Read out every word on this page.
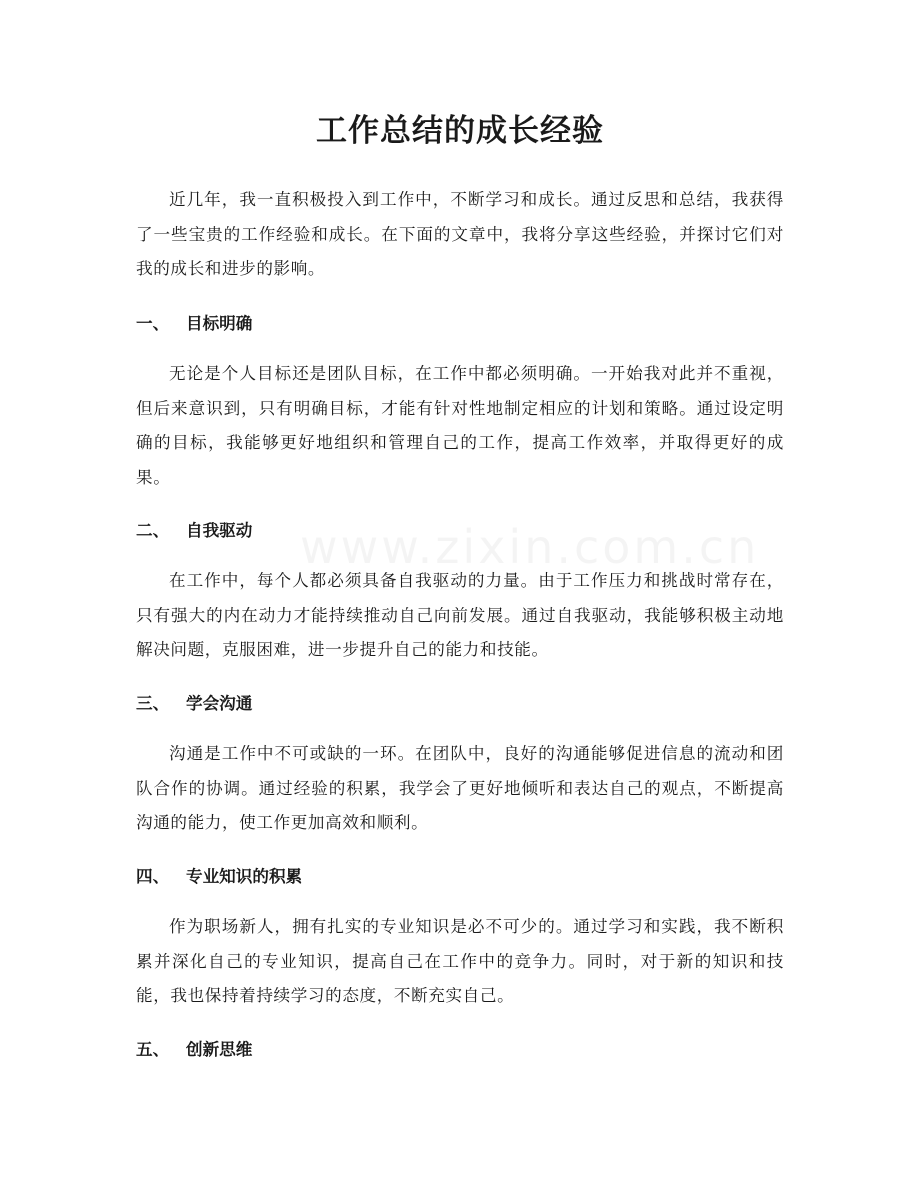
工作总结的成长经验

近几年，我一直积极投入到工作中，不断学习和成长。通过反思和总结，我获得了一些宝贵的工作经验和成长。在下面的文章中，我将分享这些经验，并探讨它们对我的成长和进步的影响。

一、 目标明确

无论是个人目标还是团队目标，在工作中都必须明确。一开始我对此并不重视，但后来意识到，只有明确目标，才能有针对性地制定相应的计划和策略。通过设定明确的目标，我能够更好地组织和管理自己的工作，提高工作效率，并取得更好的成果。

二、 自我驱动

在工作中，每个人都必须具备自我驱动的力量。由于工作压力和挑战时常存在，只有强大的内在动力才能持续推动自己向前发展。通过自我驱动，我能够积极主动地解决问题，克服困难，进一步提升自己的能力和技能。

三、 学会沟通

沟通是工作中不可或缺的一环。在团队中，良好的沟通能够促进信息的流动和团队合作的协调。通过经验的积累，我学会了更好地倾听和表达自己的观点，不断提高沟通的能力，使工作更加高效和顺利。

四、 专业知识的积累

作为职场新人，拥有扎实的专业知识是必不可少的。通过学习和实践，我不断积累并深化自己的专业知识，提高自己在工作中的竞争力。同时，对于新的知识和技能，我也保持着持续学习的态度，不断充实自己。

五、 创新思维
